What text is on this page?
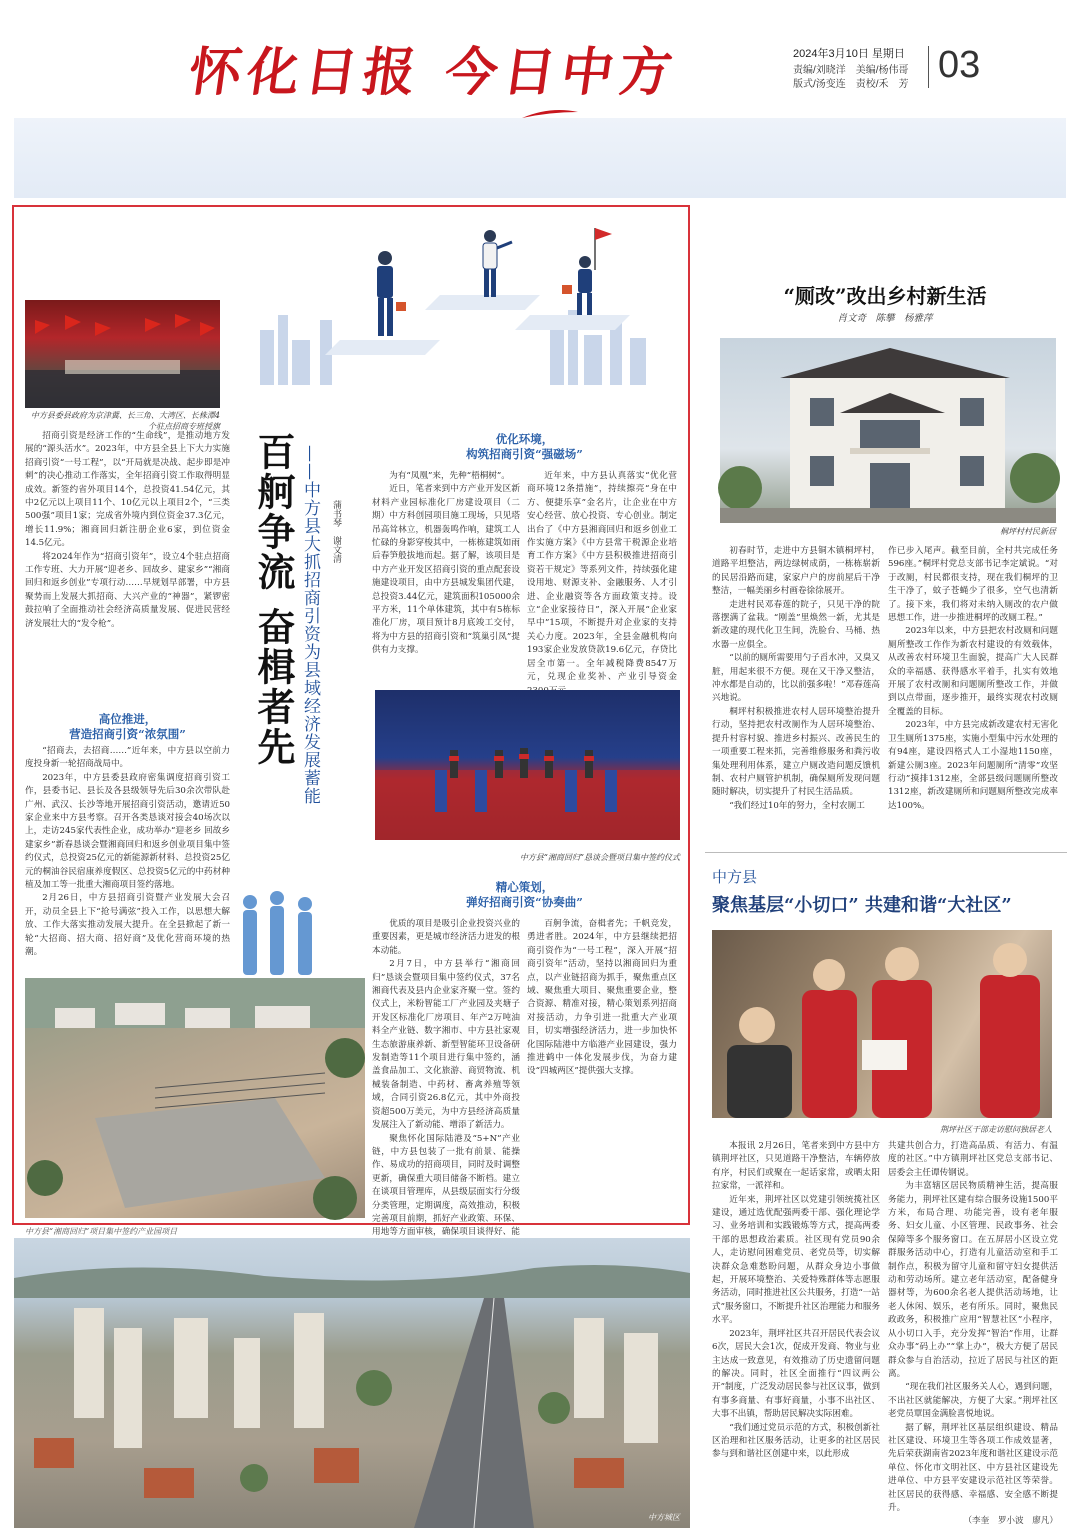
怀化日报 今日中方	2024年3月10日 星期日
责编/刘晓洋　美编/杨伟哥
版式/汤变连　责校/禾　芳 03
中方县委县政府为京津冀、长三角、大湾区、长株潭4个驻点招商专班授旗
百舸争流 奋楫者先 ——中方县大抓招商引资为县域经济发展蓄能	蒲书琴　谢文清

招商引资是经济工作的“生命线”，是推动地方发展的“源头活水”。2023年，中方县全县上下大力实施招商引资“一号工程”，以“开局就是决战、起步即是冲刺”的决心推动工作落实，全年招商引资工作取得明显成效。新签约省外项目14个，总投资41.54亿元，其中2亿元以上项目11个、10亿元以上项目2个，“三类500强”项目1家；完成省外境内到位资金37.3亿元，增长11.9%；湘商回归新注册企业6家，到位资金14.5亿元。

将2024年作为“招商引资年”，设立4个驻点招商工作专班、大力开展“迎老乡、回故乡、建家乡”“湘商回归和返乡创业”专项行动……早规划早部署，中方县聚势而上发展大抓招商、大兴产业的“神器”，紧锣密鼓拉响了全面推动社会经济高质量发展、促进民营经济发展壮大的“发令枪”。

高位推进，
营造招商引资“浓氛围”

“招商去，去招商……”近年来，中方县以空前力度投身新一轮招商战局中。

2023年，中方县委县政府密集调度招商引资工作，县委书记、县长及各县级领导先后30余次带队赴广州、武汉、长沙等地开展招商引资活动，邀请近50家企业来中方县考察。召开各类恳谈对接会40场次以上，走访245家代表性企业，成功举办“迎老乡 回故乡 建家乡”新春恳谈会暨湘商回归和返乡创业项目集中签约仪式，总投资25亿元的新能源新材料、总投资25亿元的桐油谷民宿康养度假区、总投资5亿元的中药材种植及加工等一批重大湘商项目签约落地。

2月26日，中方县招商引资暨产业发展大会召开，动员全县上下“抢号满弦”投入工作，以思想大解放、工作大落实推动发展大提升。在全县掀起了新一轮“大招商、招大商、招好商”及优化营商环境的热潮。

优化环境，
构筑招商引资“强磁场”

为有“凤凰”来，先种“梧桐树”。

近日，笔者来到中方产业开发区新材料产业园标准化厂房建设项目（二期）中方科创园项目施工现场，只见塔吊高耸林立，机器轰鸣作响，建筑工人忙碌的身影穿梭其中，一栋栋建筑如雨后春笋般拔地而起。据了解，该项目是中方产业开发区招商引资的重点配套设施建设项目，由中方县城发集团代建，总投资3.44亿元，建筑面积105000余平方米，11个单体建筑，其中有5栋标准化厂房，项目预计8月底竣工交付，将为中方县的招商引资和“筑巢引凤”提供有力支撑。

近年来，中方县认真落实“优化营商环境12条措施”，持续擦亮“身在中方、便捷乐享”金名片，让企业在中方安心经营、放心投资、专心创业。制定出台了《中方县湘商回归和返乡创业工作实施方案》《中方县常干税源企业培育工作方案》《中方县积极推进招商引资若干规定》等系列文件，持续强化建设用地、财源支补、金融服务、人才引进、企业融资等各方面政策支持。设立“企业家接待日”，深入开展“企业家早中”15项，不断提升对企业家的支持关心力度。2023年，全县金融机构向193家企业发放贷款19.6亿元，存贷比居全市第一。全年减税降费8547万元，兑现企业奖补、产业引导资金

中方县“湘商回归”恳谈会暨项目集中签约仪式
精心策划，
弹好招商引资“协奏曲”

优质的项目是吸引企业投资兴业的重要因素，更是城市经济活力迸发的根本动能。

2月7日，中方县举行“湘商回归”恳谈会暨项目集中签约仪式，37名湘商代表及县内企业家齐聚一堂。签约仪式上，米粉智能工厂产业园及夹塘子开发区标准化厂房项目、年产2万吨油料全产业链、数字湘市、中方县社家观生态旅游康养新、新型智能环卫设备研发制造等11个项目进行集中签约，涵盖食品加工、文化旅游、商贸物流、机械装备制造、中药材、畜禽养殖等领域，合同引资26.8亿元，其中外商投资超500万美元，为中方县经济高质量发展注入了新动能、增添了新活力。

聚焦怀化国际陆港及“5+N”产业链，中方县包装了一批有前景、能操作、易成功的招商项目，同时及时调整更新，确保重大项目储备不断档。建立在谈项目管理库，从县级层面实行分级分类管理，定期调度，高效推动，积极完善项目前期，抓好产业政策、环保、用地等方面审核，确保项目谈得好、能

百舸争流，奋楫者先；千帆竞发，勇进者胜。2024年，中方县继续把招商引资作为“一号工程”，深入开展“招商引资年”活动，坚持以湘商回归为重点，以产业链招商为抓手，聚焦重点区域、聚焦重大项目、聚焦重要企业，整合资源、精准对接，精心策划系列招商对接活动，力争引进一批重大产业项目，切实增强经济活力，进一步加快怀化国际陆港中方临港产业园建设，强力推进鹤中一体化发展步伐，为奋力建设“四城两区”提供强大支撑。

中方县“湘商回归”项目集中签约产业园项目
中方城区
“厕改”改出乡村新生活
肖文奇　陈攀　杨雅萍
桐坪村村民新居

初春时节，走进中方县铜木镇桐坪村，道路平坦整洁，两边绿树成荫，一栋栋崭新的民居沿路而建，家家户户的房前屋后干净整洁，一幅美丽乡村画卷徐徐展开。

走进村民邓春莲的院子，只见干净的院落摆满了盆栽。“刚盖”里焕然一新，尤其是新改建的现代化卫生间，洗脸台、马桶、热水器一应俱全。

“以前的厕所需要用勺子舀水冲，又臭又脏，用起来很不方便。现在又干净又整洁，冲水都是自动的，比以前强多啦！”邓春莲高兴地说。

桐坪村积极推进农村人居环境整治提升行动，坚持把农村改厕作为人居环境整治、提升村容村貌、推进乡村振兴、改善民生的一项重要工程来抓，完善维修服务和粪污收集处理利用体系，建立户厕改造问题反馈机制、农村户厕管护机制，确保厕所发现问题随时解决，切实提升了村民生活品质。

“我们经过10年的努力，全村农厕工

作已步入尾声。截至目前，全村共完成任务596座。”桐坪村党总支部书记李定斌说。“对于改厕，村民都很支持，现在我们桐坪的卫生干净了，蚊子苍蝇少了很多，空气也清新了。接下来，我们将对未纳入厕改的农户做思想工作，进一步推进桐坪的改厕工程。”

2023年以来，中方县把农村改厕和问题厕所整改工作作为新农村建设的有效载体，从改善农村环境卫生面貌，提高广大人民群众的幸福感、获得感水平着手，扎实有效地开展了农村改厕和问题厕所整改工作，并做到以点带面，逐步推开，最终实现农村改厕全覆盖的目标。

2023年，中方县完成新改建农村无害化卫生厕所1375座，实施小型集中污水处理的有94座，建设四格式人工小湿地1150座，新建公厕3座。2023年问题厕所“清零”攻坚行动”摸排1312座，全部县级问题厕所整改1312座，新改建厕所和问题厕所整改完成率达100%。

中方县
聚焦基层“小切口” 共建和谐“大社区”
荆坪社区干部走访慰问独居老人

本报讯 2月26日，笔者来到中方县中方镇荆坪社区，只见道路干净整洁，车辆停放有序，村民们或聚在一起话家常，或晒太阳拉家常，一派祥和。

近年来，荆坪社区以党建引领统揽社区建设，通过选优配强两委干部、强化理论学习、业务培训和实践锻炼等方式，提高两委干部的思想政治素质。社区现有党员90余人，走访慰问困难党员、老党员等，切实解决群众急难愁盼问题，从群众身边小事做起，开展环境整治、关爱特殊群体等志愿服务活动，同时推进社区公共服务，打造“一站式”服务窗口，不断提升社区治理能力和服务水平。

2023年，荆坪社区共召开居民代表会议6次，居民大会1次，促成开发商、物业与业主达成一致意见，有效推动了历史遗留问题的解决。同时，社区全面推行“四议两公开”制度，广泛发动居民参与社区议事，做到有事多商量、有事好商量，小事不出社区、大事不出镇，帮助居民解决实际困难。

“我们通过党员示范的方式，积极创新社区治理和社区服务活动，让更多的社区居民参与到和谐社区创建中来，以此形成

共建共创合力，打造高品质、有活力、有温度的社区。”中方镇荆坪社区党总支部书记、居委会主任谭传钢说。

为丰富辖区居民物质精神生活，提高服务能力，荆坪社区建有综合服务设施1500平方米，布局合理、功能完善，设有老年服务、妇女儿童、小区管理、民政事务、社会保障等多个服务窗口。在五屏居小区设立党群服务活动中心，打造有儿童活动室和手工制作点，积极为留守儿童和留守妇女提供活动和劳动场所。建立老年活动室，配备健身器材等，为600余名老人提供活动场地，让老人休闲、娱乐，老有所乐。同时，聚焦民政政务，积极推广应用“智慧社区”小程序，从小切口入手，充分发挥“智治”作用，让群众办事“码上办”“掌上办”，极大方便了居民群众参与自治活动，拉近了居民与社区的距离。

“现在我们社区服务关人心，遇到问题，不出社区就能解决，方便了大家。”荆坪社区老党员覃国金满脸喜悦地说。

据了解，荆坪社区基层组织建设、精品社区建设、环境卫生等各项工作成效显著，先后荣获湖南省2023年度和谐社区建设示范单位、怀化市文明社区、中方县社区建设先进单位、中方县平安建设示范社区等荣誉。社区居民的获得感、幸福感、安全感不断提升。

（李奎　罗小波　廖凡）
